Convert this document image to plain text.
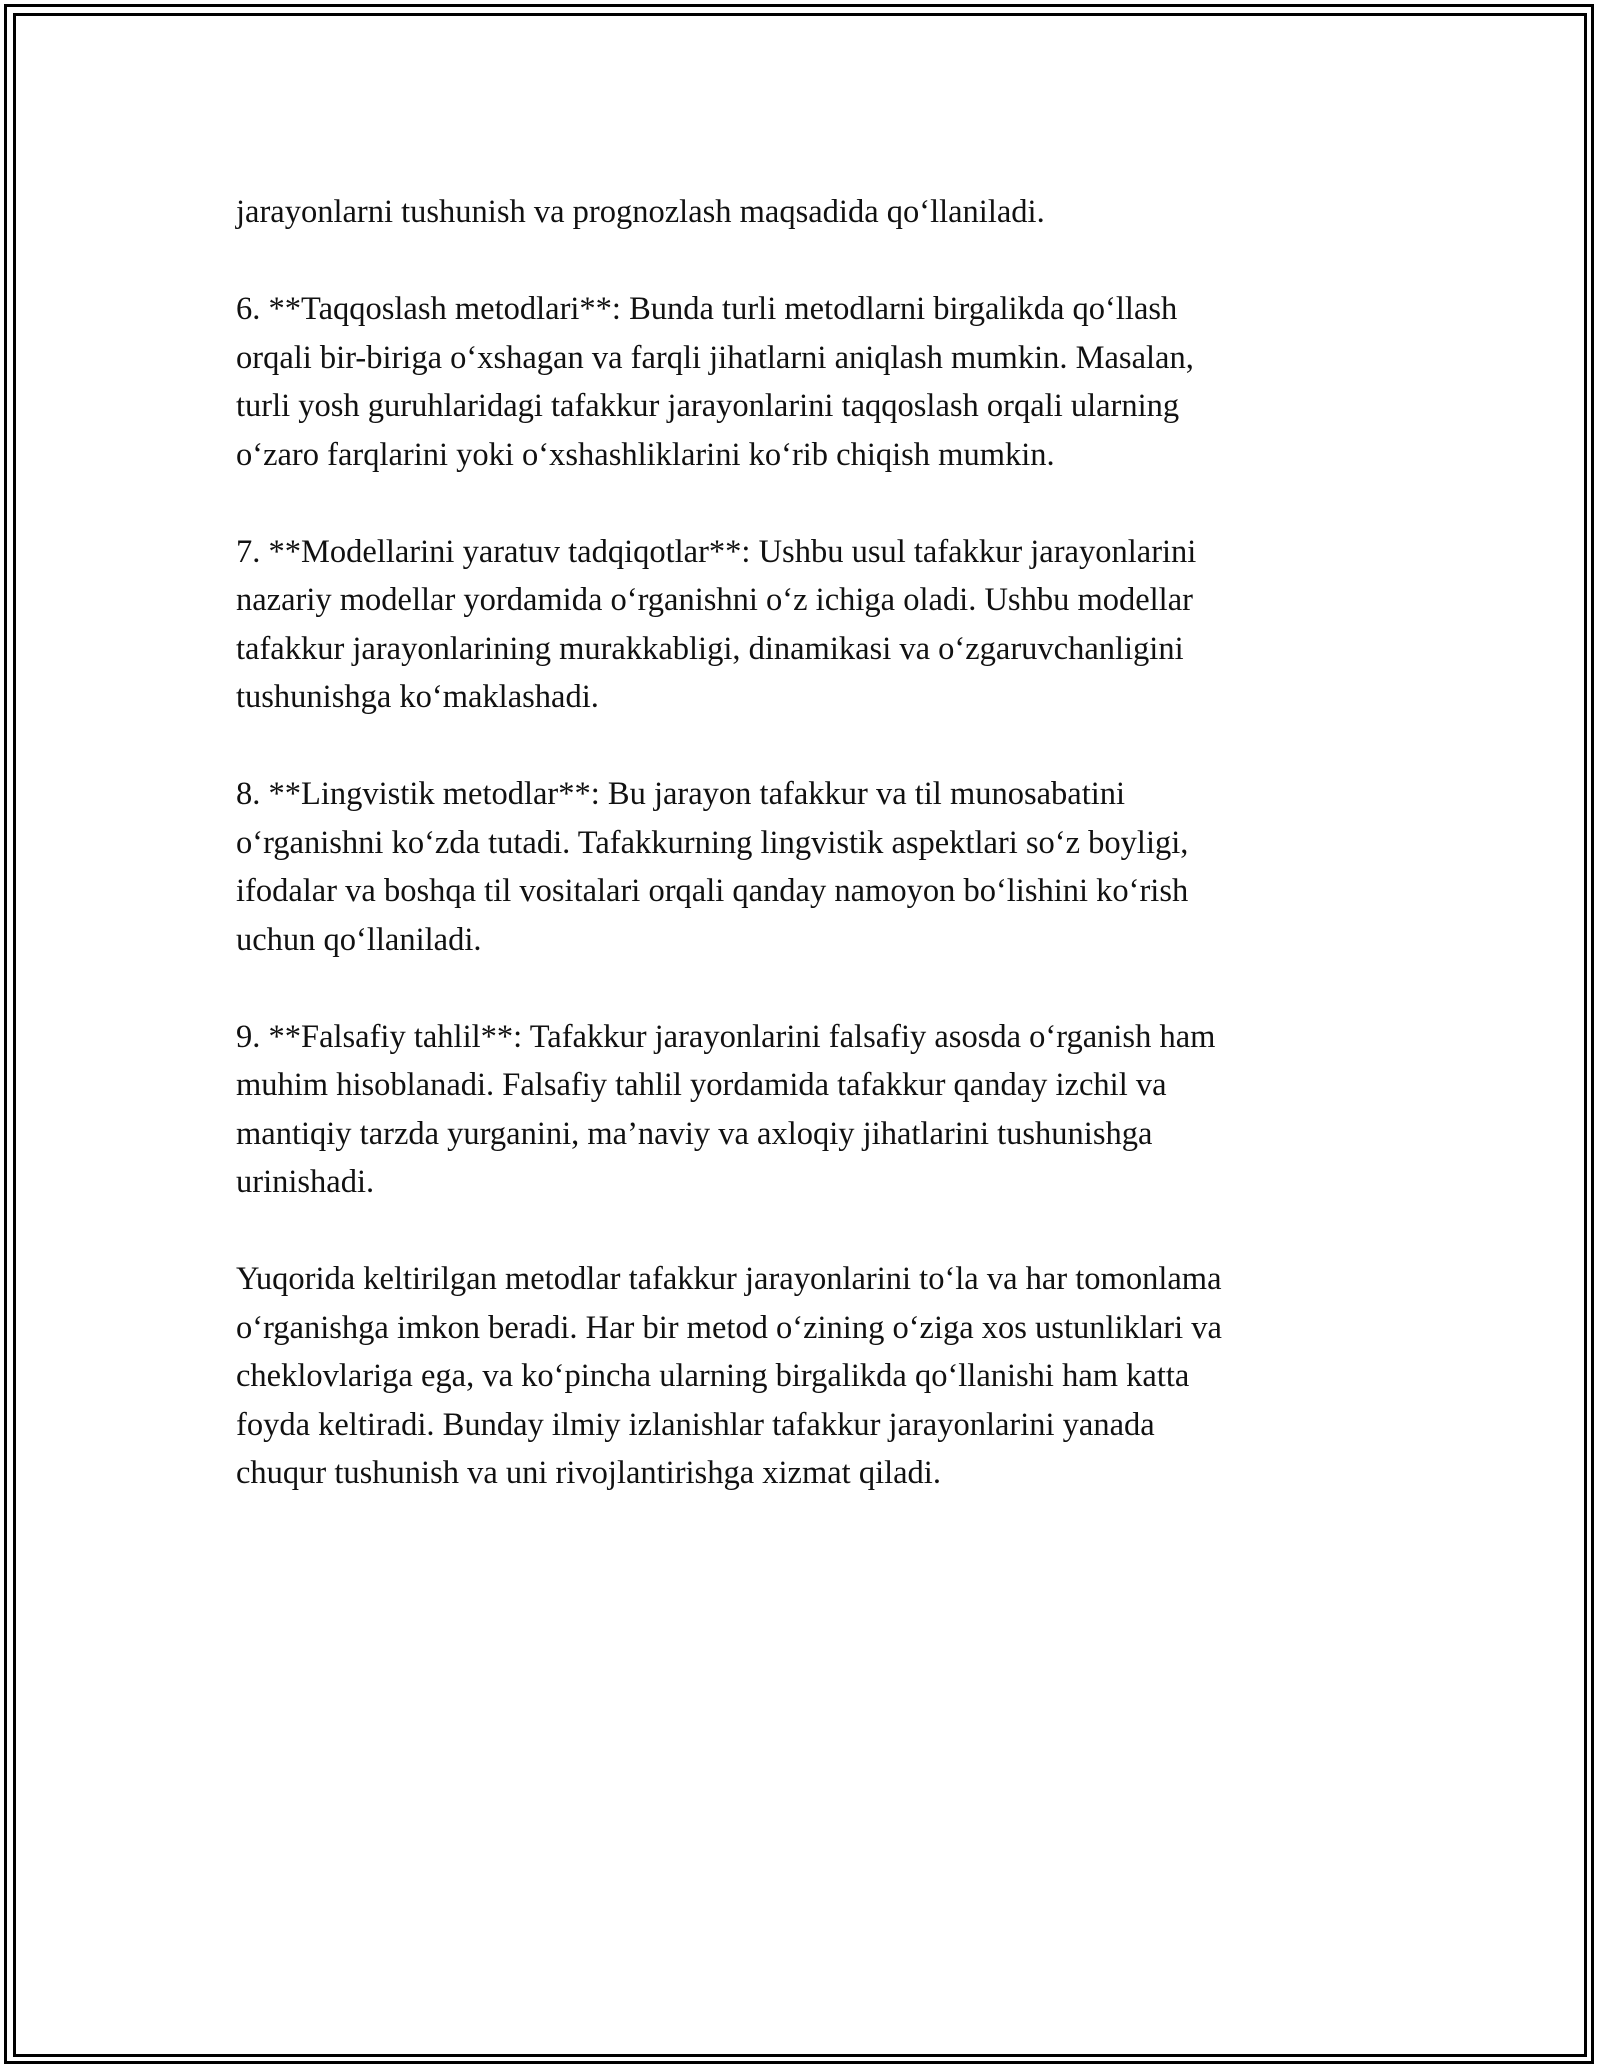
jarayonlarni tushunish va prognozlash maqsadida qo‘llaniladi.

6. **Taqqoslash metodlari**: Bunda turli metodlarni birgalikda qo‘llash
orqali bir-biriga o‘xshagan va farqli jihatlarni aniqlash mumkin. Masalan,
turli yosh guruhlaridagi tafakkur jarayonlarini taqqoslash orqali ularning
o‘zaro farqlarini yoki o‘xshashliklarini ko‘rib chiqish mumkin.

7. **Modellarini yaratuv tadqiqotlar**: Ushbu usul tafakkur jarayonlarini
nazariy modellar yordamida o‘rganishni o‘z ichiga oladi. Ushbu modellar
tafakkur jarayonlarining murakkabligi, dinamikasi va o‘zgaruvchanligini
tushunishga ko‘maklashadi.

8. **Lingvistik metodlar**: Bu jarayon tafakkur va til munosabatini
o‘rganishni ko‘zda tutadi. Tafakkurning lingvistik aspektlari so‘z boyligi,
ifodalar va boshqa til vositalari orqali qanday namoyon bo‘lishini ko‘rish
uchun qo‘llaniladi.

9. **Falsafiy tahlil**: Tafakkur jarayonlarini falsafiy asosda o‘rganish ham
muhim hisoblanadi. Falsafiy tahlil yordamida tafakkur qanday izchil va
mantiqiy tarzda yurganini, ma’naviy va axloqiy jihatlarini tushunishga
urinishadi.

Yuqorida keltirilgan metodlar tafakkur jarayonlarini to‘la va har tomonlama
o‘rganishga imkon beradi. Har bir metod o‘zining o‘ziga xos ustunliklari va
cheklovlariga ega, va ko‘pincha ularning birgalikda qo‘llanishi ham katta
foyda keltiradi. Bunday ilmiy izlanishlar tafakkur jarayonlarini yanada
chuqur tushunish va uni rivojlantirishga xizmat qiladi.
